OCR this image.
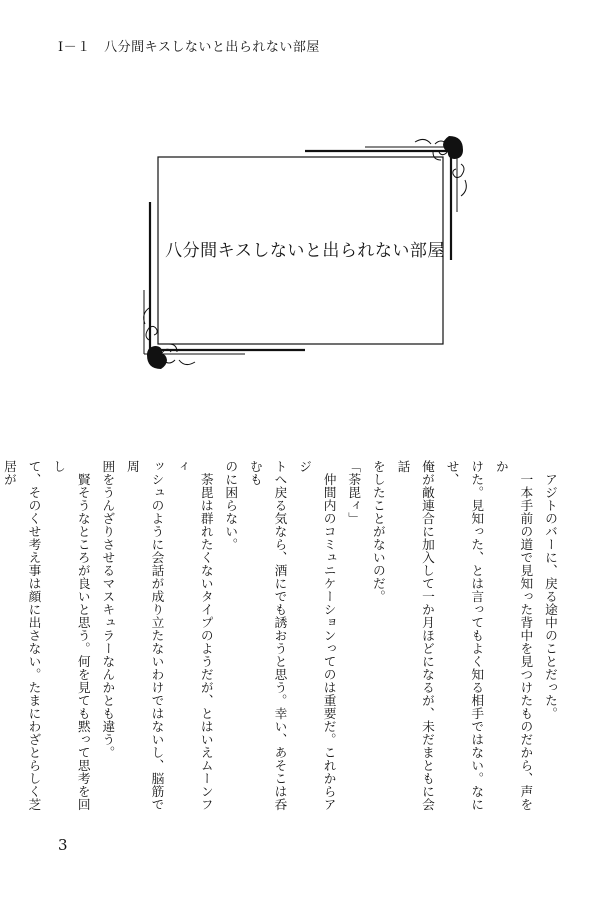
Ⅰ－１　八分間キスしないと出られない部屋
八分間キスしないと出られない部屋

　アジトのバーに、戻る途中のことだった。

　一本手前の道で見知った背中を見つけたものだから、声をか

けた。見知った、とは言ってもよく知る相手ではない。なにせ、

俺が敵連合に加入して一か月ほどになるが、未だまともに会話

をしたことがないのだ。

「荼毘ィ」

　仲間内のコミュニケーションってのは重要だ。これからアジ

トへ戻る気なら、酒にでも誘おうと思う。幸い、あそこは呑むも

のに困らない。

　荼毘は群れたくないタイプのようだが、とはいえムーンフィ

ッシュのように会話が成り立たないわけではないし、脳筋で周

囲をうんざりさせるマスキュラーなんかとも違う。

　賢そうなところが良いと思う。何を見ても黙って思考を回し

て、そのくせ考え事は顔に出さない。たまにわざとらしく芝居が

3
